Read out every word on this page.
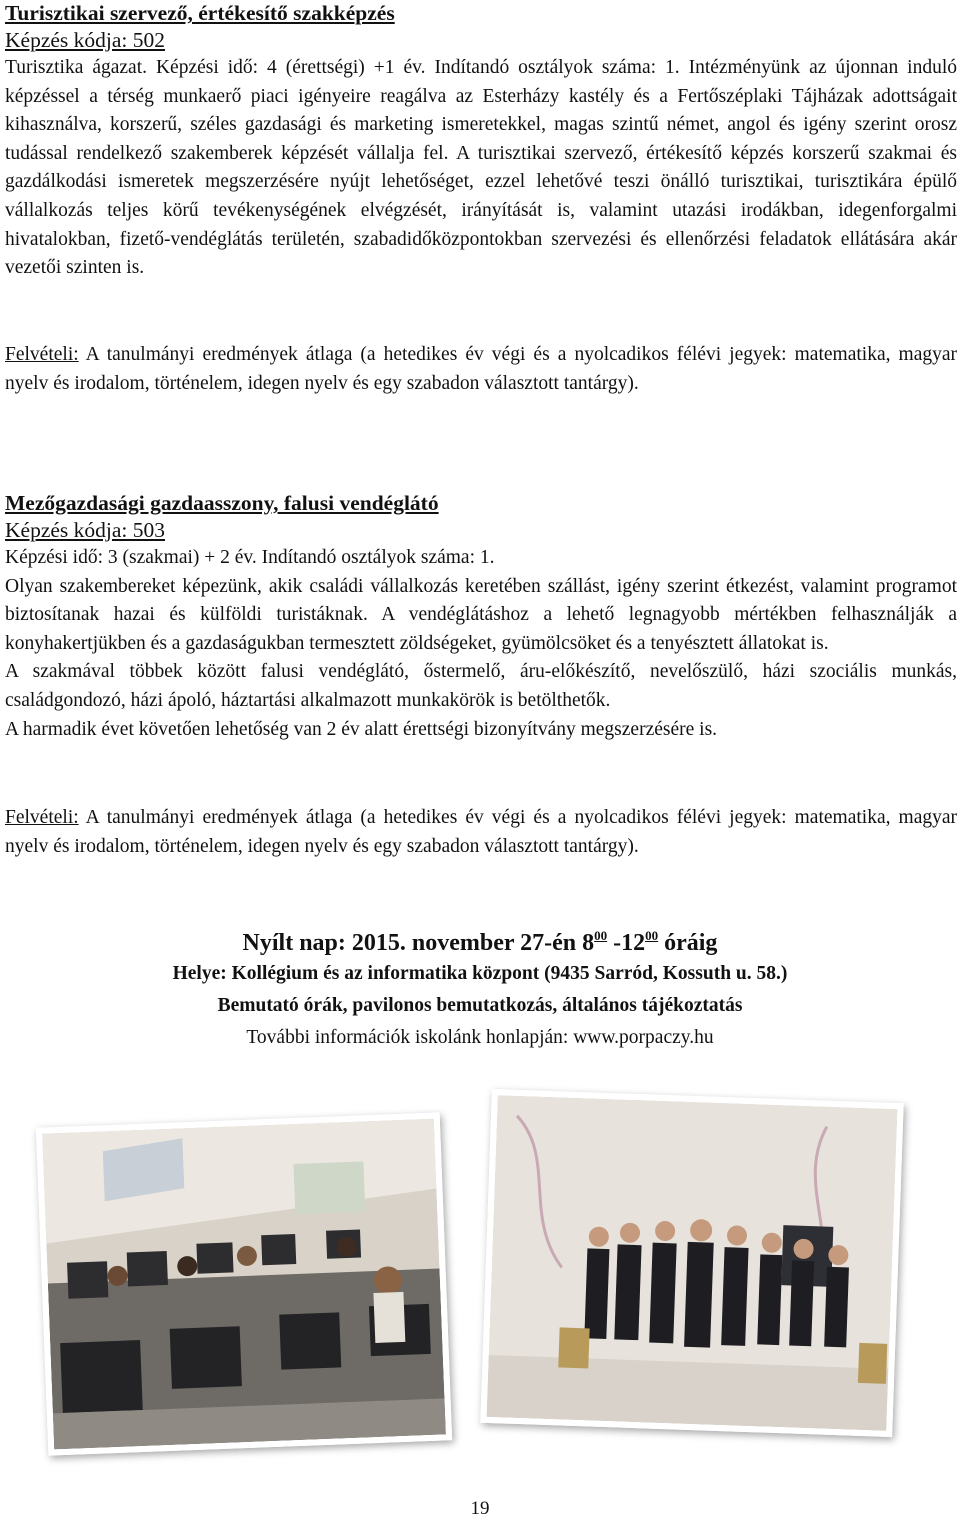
Turisztikai szervező, értékesítő szakképzés
Képzés kódja: 502

Turisztika ágazat. Képzési idő: 4 (érettségi) +1 év. Indítandó osztályok száma: 1. Intézményünk az újonnan induló képzéssel a térség munkaerő piaci igényeire reagálva az Esterházy kastély és a Fertőszéplaki Tájházak adottságait kihasználva, korszerű, széles gazdasági és marketing ismeretekkel, magas szintű német, angol és igény szerint orosz tudással rendelkező szakemberek képzését vállalja fel. A turisztikai szervező, értékesítő képzés korszerű szakmai és gazdálkodási ismeretek megszerzésére nyújt lehetőséget, ezzel lehetővé teszi önálló turisztikai, turisztikára épülő vállalkozás teljes körű tevékenységének elvégzését, irányítását is, valamint utazási irodákban, idegenforgalmi hivatalokban, fizető-vendéglátás területén, szabadidőközpontokban szervezési és ellenőrzési feladatok ellátására akár vezetői szinten is.

Felvételi: A tanulmányi eredmények átlaga (a hetedikes év végi és a nyolcadikos félévi jegyek: matematika, magyar nyelv és irodalom, történelem, idegen nyelv és egy szabadon választott tantárgy).

Mezőgazdasági gazdaasszony, falusi vendéglátó
Képzés kódja: 503

Képzési idő: 3 (szakmai) + 2 év. Indítandó osztályok száma: 1.

Olyan szakembereket képezünk, akik családi vállalkozás keretében szállást, igény szerint étkezést, valamint programot biztosítanak hazai és külföldi turistáknak. A vendéglátáshoz a lehető legnagyobb mértékben felhasználják a konyhakertjükben és a gazdaságukban termesztett zöldségeket, gyümölcsöket és a tenyésztett állatokat is.

A szakmával többek között falusi vendéglátó, őstermelő, áru-előkészítő, nevelőszülő, házi szociális munkás, családgondozó, házi ápoló, háztartási alkalmazott munkakörök is betölthetők.

A harmadik évet követően lehetőség van 2 év alatt érettségi bizonyítvány megszerzésére is.

Felvételi: A tanulmányi eredmények átlaga (a hetedikes év végi és a nyolcadikos félévi jegyek: matematika, magyar nyelv és irodalom, történelem, idegen nyelv és egy szabadon választott tantárgy).

Nyílt nap: 2015. november 27-én $8^{00}$ $-12^{00}$ óráig
Helye: Kollégium és az informatika központ (9435 Sarród, Kossuth u. 58.)
Bemutató órák, pavilonos bemutatkozás, általános tájékoztatás
További információk iskolánk honlapján: www.porpaczy.hu
19
